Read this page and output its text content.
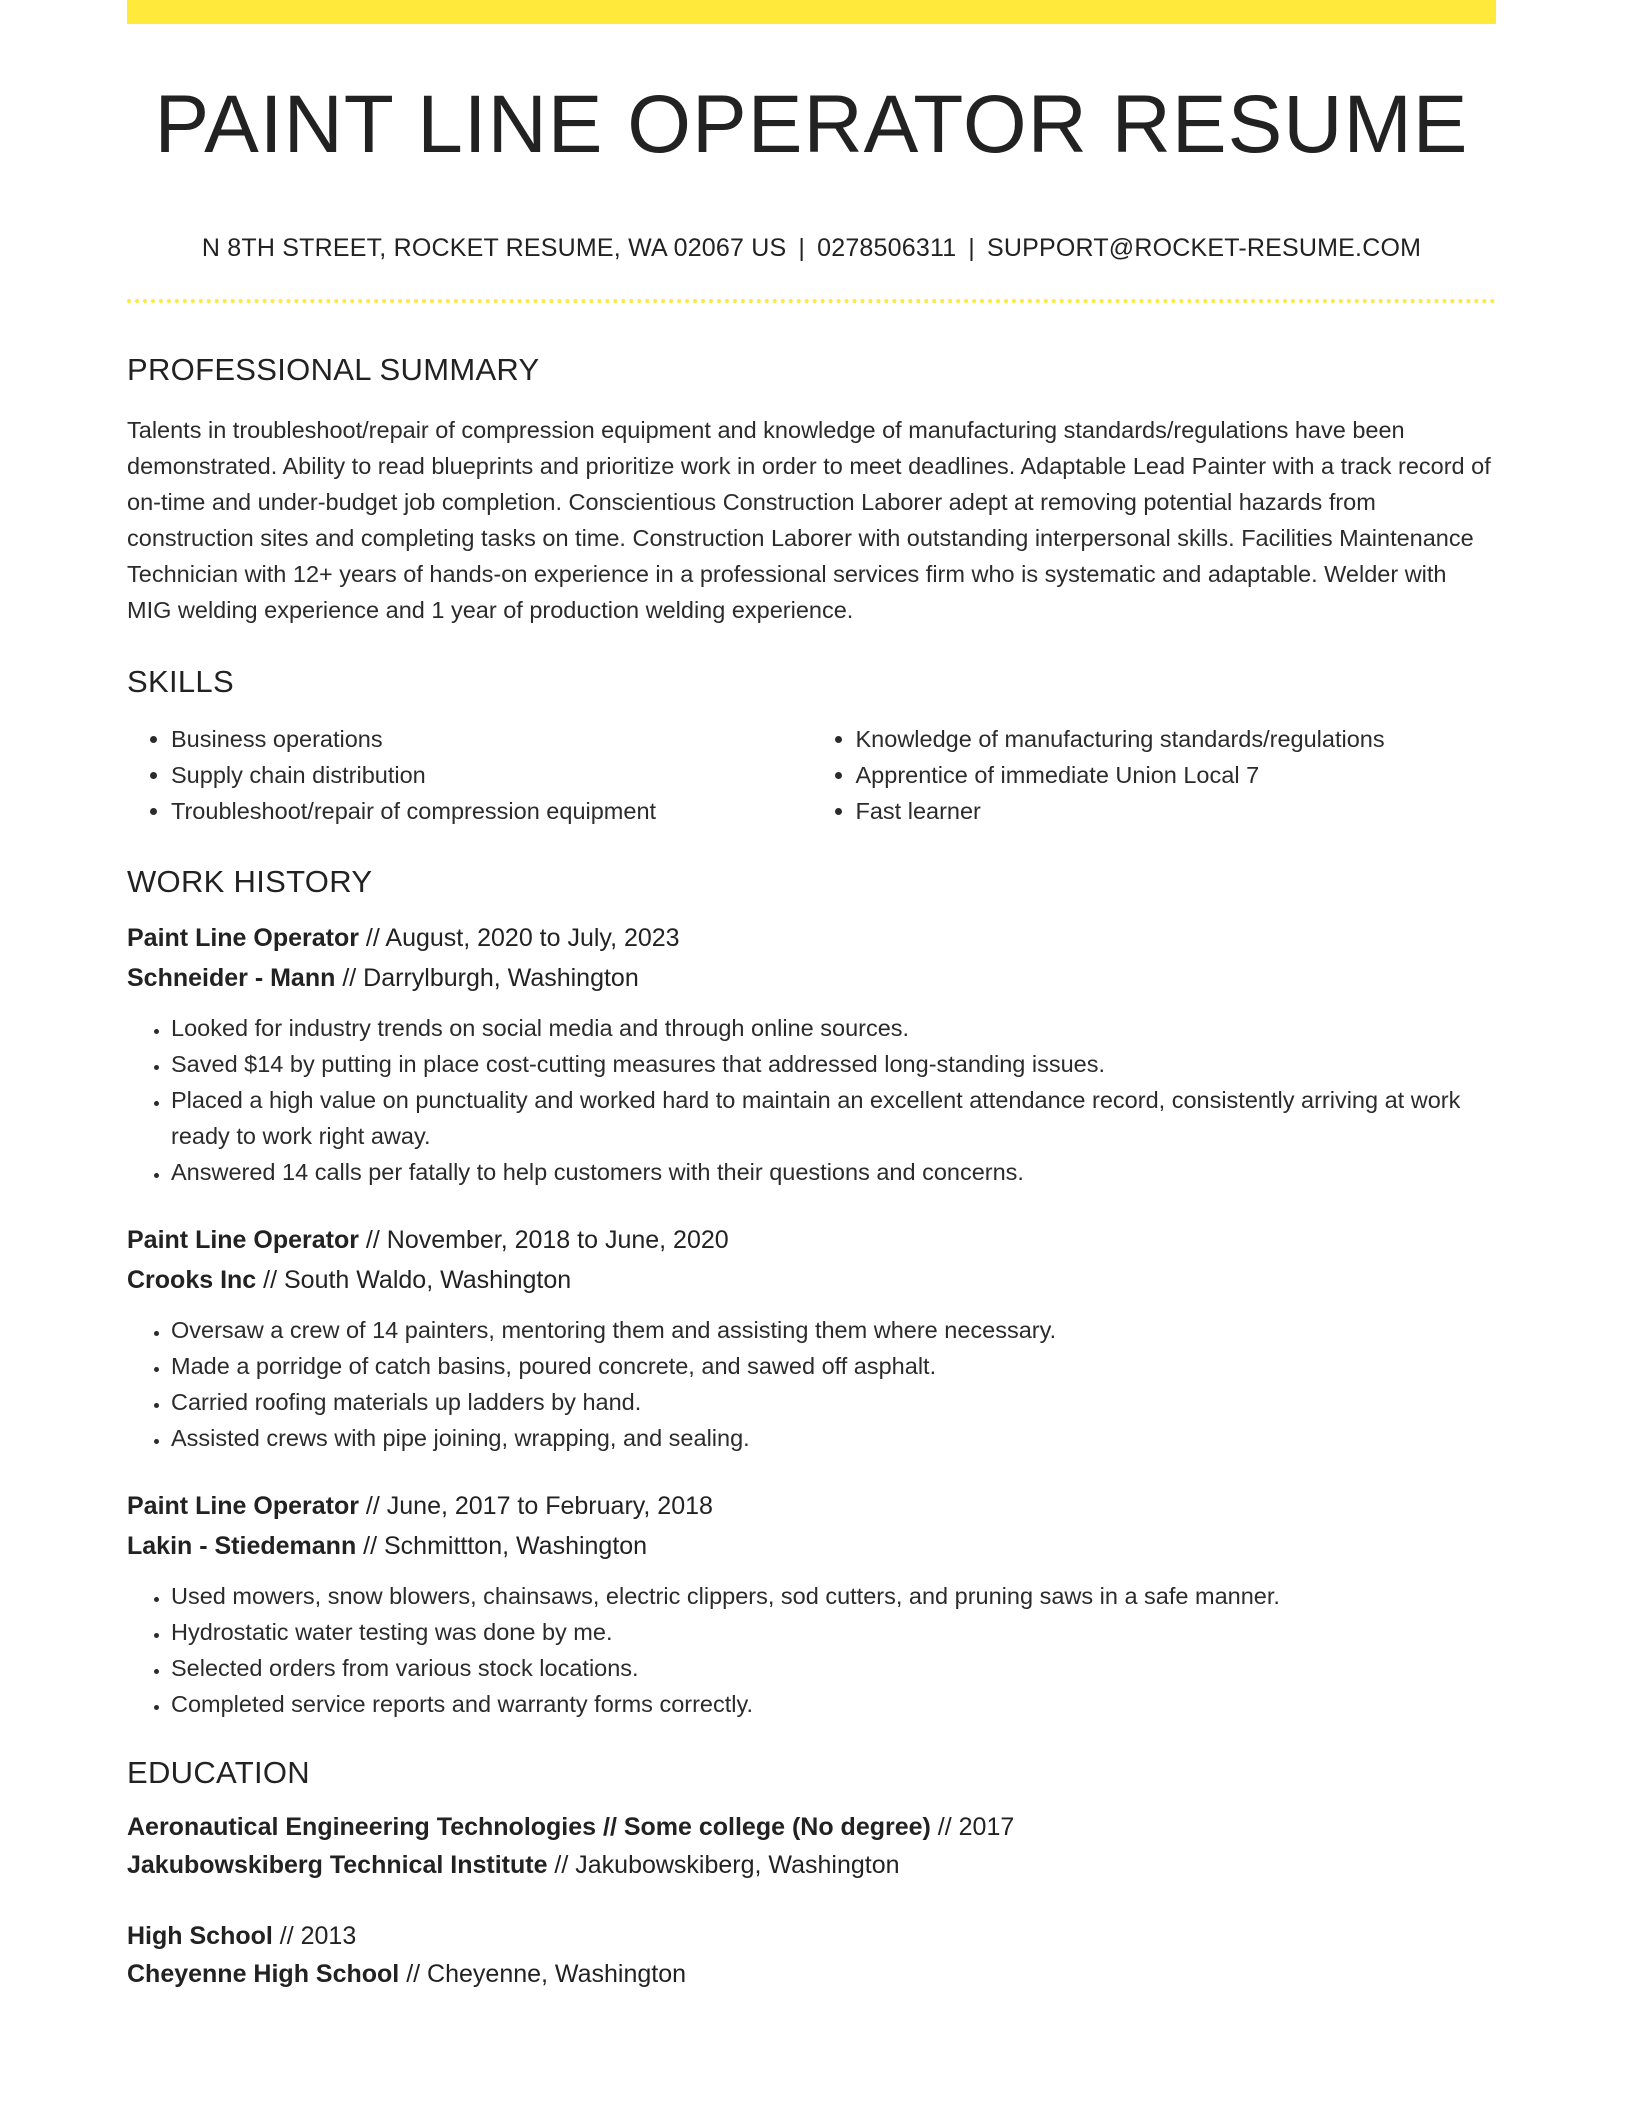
PAINT LINE OPERATOR RESUME
N 8TH STREET, ROCKET RESUME, WA 02067 US | 0278506311 | SUPPORT@ROCKET-RESUME.COM
PROFESSIONAL SUMMARY

Talents in troubleshoot/repair of compression equipment and knowledge of manufacturing standards/regulations have been demonstrated. Ability to read blueprints and prioritize work in order to meet deadlines. Adaptable Lead Painter with a track record of on-time and under-budget job completion. Conscientious Construction Laborer adept at removing potential hazards from construction sites and completing tasks on time. Construction Laborer with outstanding interpersonal skills. Facilities Maintenance Technician with 12+ years of hands-on experience in a professional services firm who is systematic and adaptable. Welder with MIG welding experience and 1 year of production welding experience.

SKILLS
• Business operations
• Supply chain distribution
• Troubleshoot/repair of compression equipment
• Knowledge of manufacturing standards/regulations
• Apprentice of immediate Union Local 7
• Fast learner
WORK HISTORY
Paint Line Operator // August, 2020 to July, 2023
Schneider - Mann // Darrylburgh, Washington
• Looked for industry trends on social media and through online sources.
• Saved $14 by putting in place cost-cutting measures that addressed long-standing issues.
• Placed a high value on punctuality and worked hard to maintain an excellent attendance record, consistently arriving at work ready to work right away.
• Answered 14 calls per fatally to help customers with their questions and concerns.
Paint Line Operator // November, 2018 to June, 2020
Crooks Inc // South Waldo, Washington
• Oversaw a crew of 14 painters, mentoring them and assisting them where necessary.
• Made a porridge of catch basins, poured concrete, and sawed off asphalt.
• Carried roofing materials up ladders by hand.
• Assisted crews with pipe joining, wrapping, and sealing.
Paint Line Operator // June, 2017 to February, 2018
Lakin - Stiedemann // Schmittton, Washington
• Used mowers, snow blowers, chainsaws, electric clippers, sod cutters, and pruning saws in a safe manner.
• Hydrostatic water testing was done by me.
• Selected orders from various stock locations.
• Completed service reports and warranty forms correctly.
EDUCATION
Aeronautical Engineering Technologies // Some college (No degree) // 2017
Jakubowskiberg Technical Institute // Jakubowskiberg, Washington
High School // 2013
Cheyenne High School // Cheyenne, Washington
